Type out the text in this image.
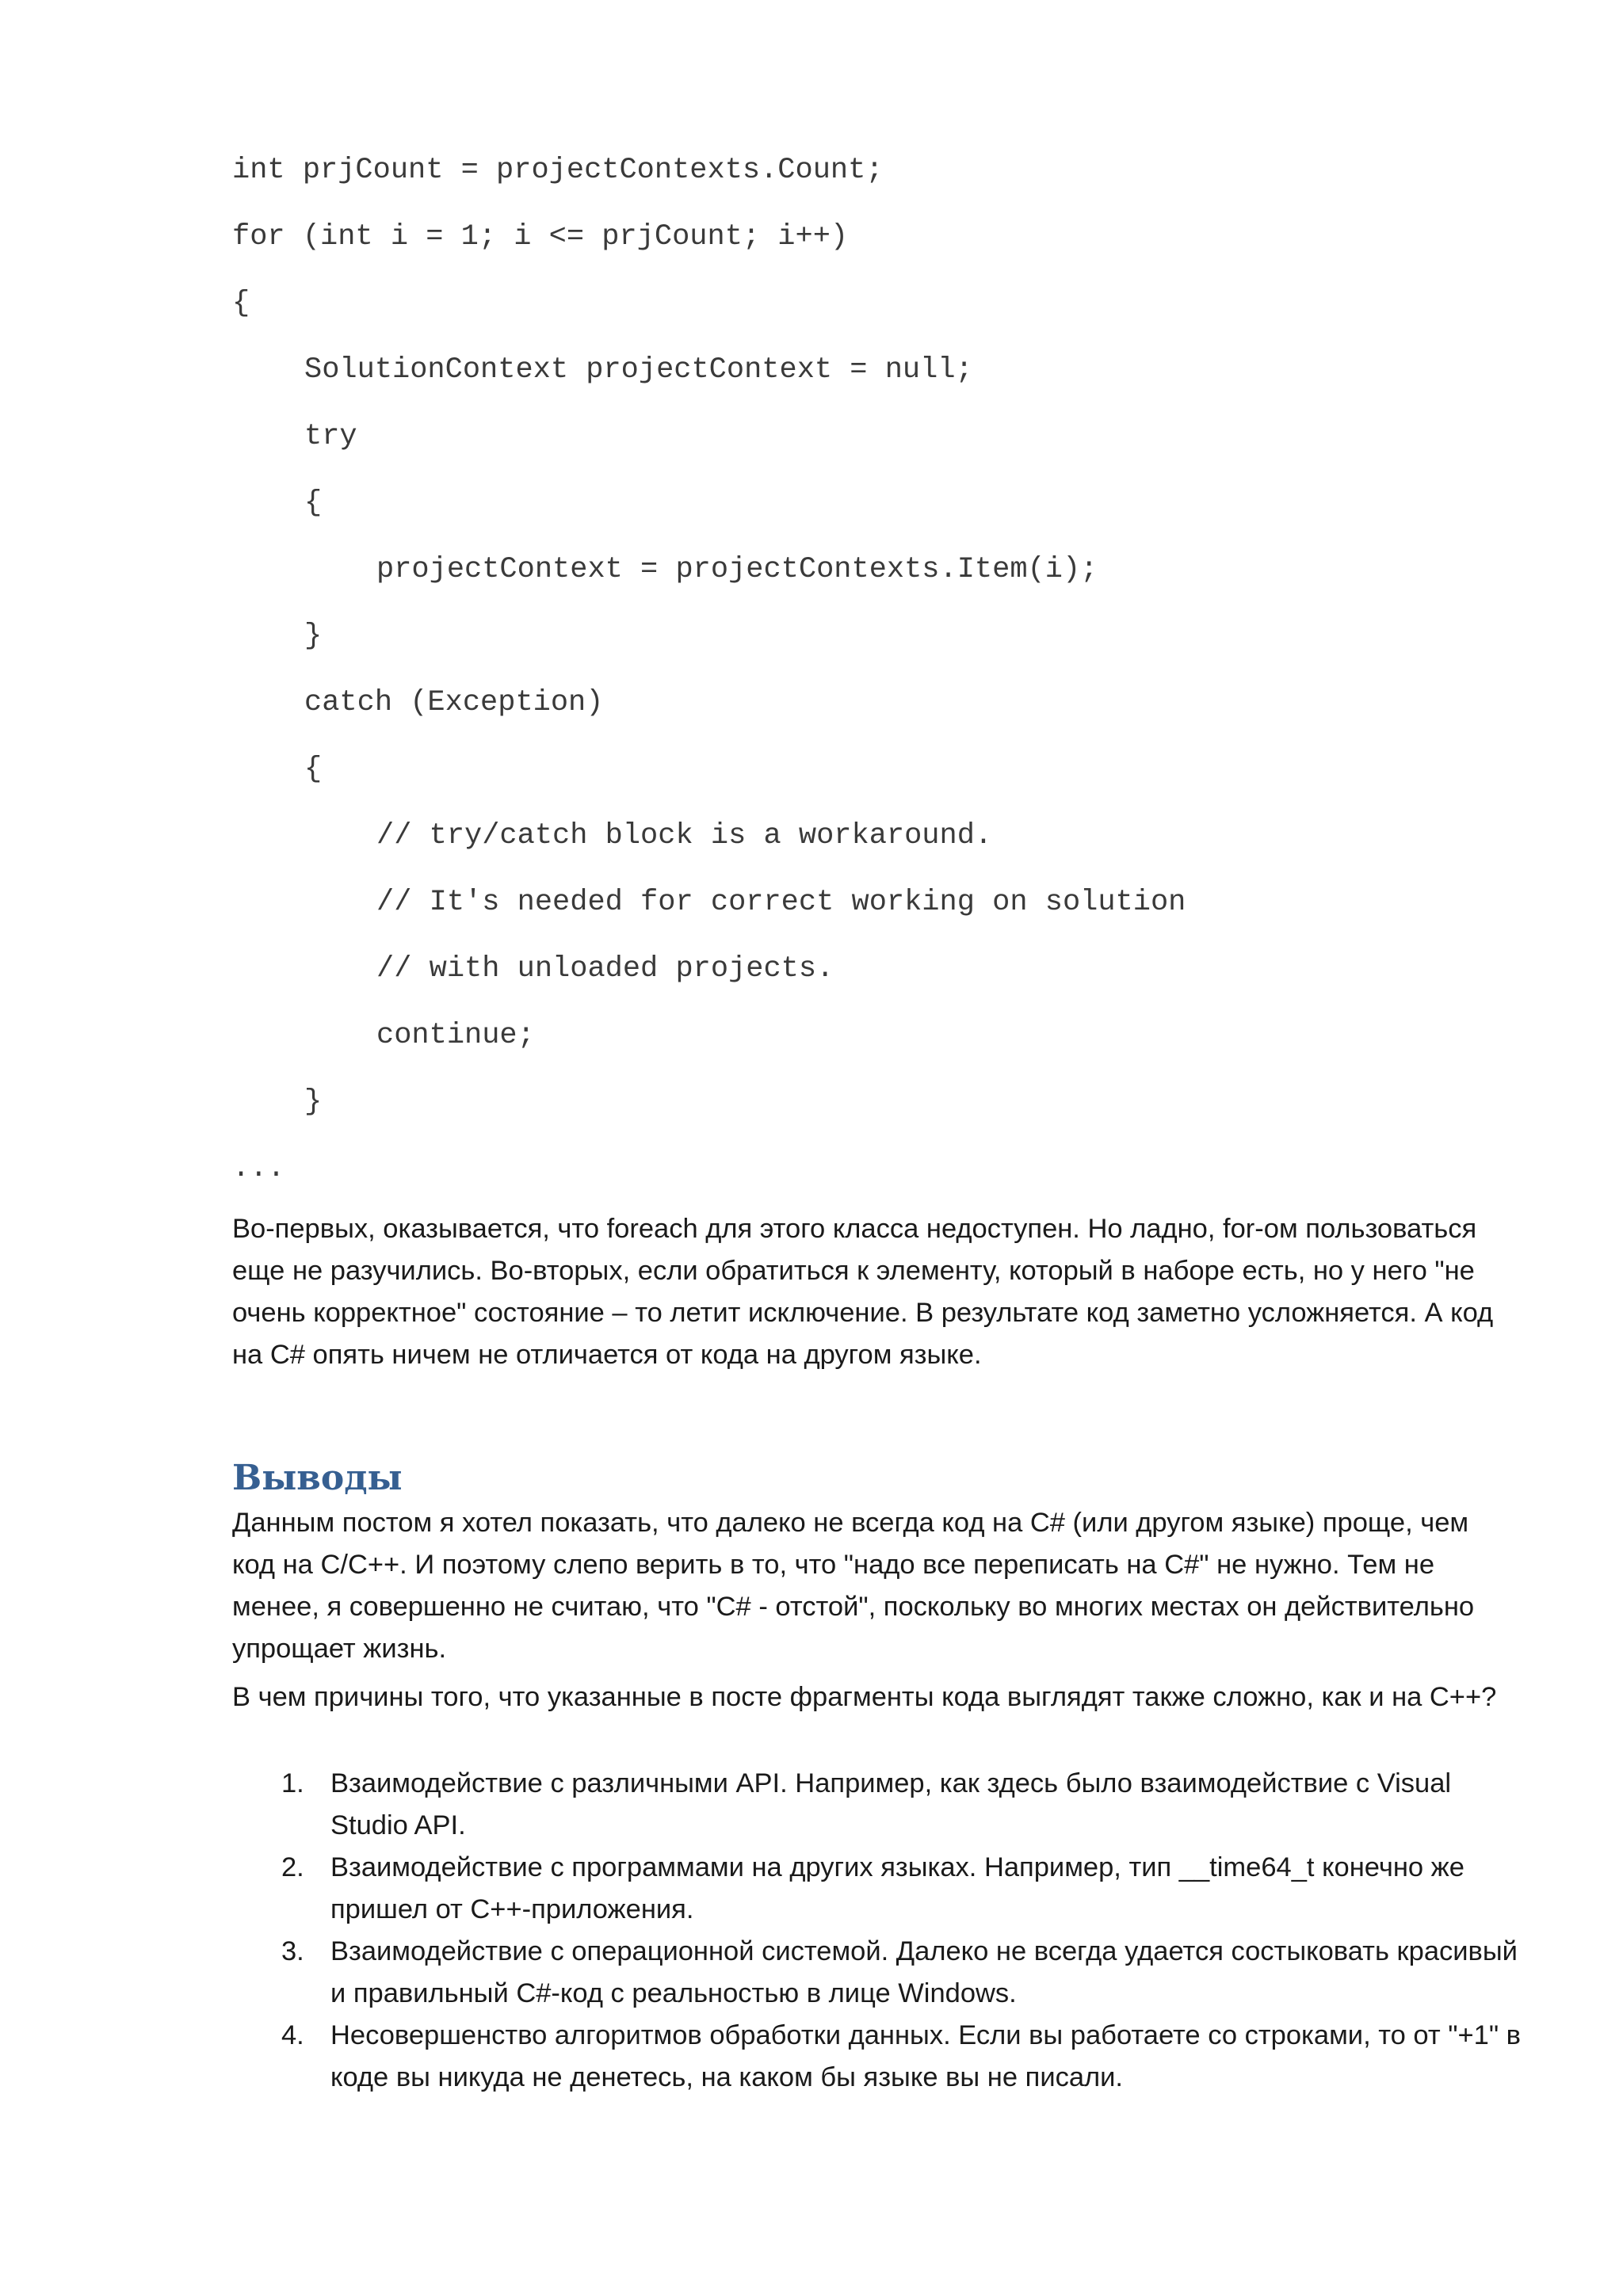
int prjCount = projectContexts.Count;
for (int i = 1; i <= prjCount; i++)
{
SolutionContext projectContext = null;
try
{
projectContext = projectContexts.Item(i);
}
catch (Exception)
{
// try/catch block is a workaround.
// It's needed for correct working on solution
// with unloaded projects.
continue;
}
...

Во-первых, оказывается, что foreach для этого класса недоступен. Но ладно, for-ом пользоваться еще не разучились. Во-вторых, если обратиться к элементу, который в наборе есть, но у него "не очень корректное" состояние – то летит исключение. В результате код заметно усложняется. А код на C# опять ничем не отличается от кода на другом языке.

Выводы

Данным постом я хотел показать, что далеко не всегда код на C# (или другом языке) проще, чем код на C/C++. И поэтому слепо верить в то, что "надо все переписать на C#" не нужно. Тем не менее, я совершенно не считаю, что "C# - отстой", поскольку во многих местах он действительно упрощает жизнь.

В чем причины того, что указанные в посте фрагменты кода выглядят также сложно, как и на C++?

1. Взаимодействие с различными API. Например, как здесь было взаимодействие с Visual Studio API.
2. Взаимодействие с программами на других языках. Например, тип __time64_t конечно же пришел от C++-приложения.
3. Взаимодействие с операционной системой. Далеко не всегда удается состыковать красивый и правильный C#-код с реальностью в лице Windows.
4. Несовершенство алгоритмов обработки данных. Если вы работаете со строками, то от "+1" в коде вы никуда не денетесь, на каком бы языке вы не писали.
